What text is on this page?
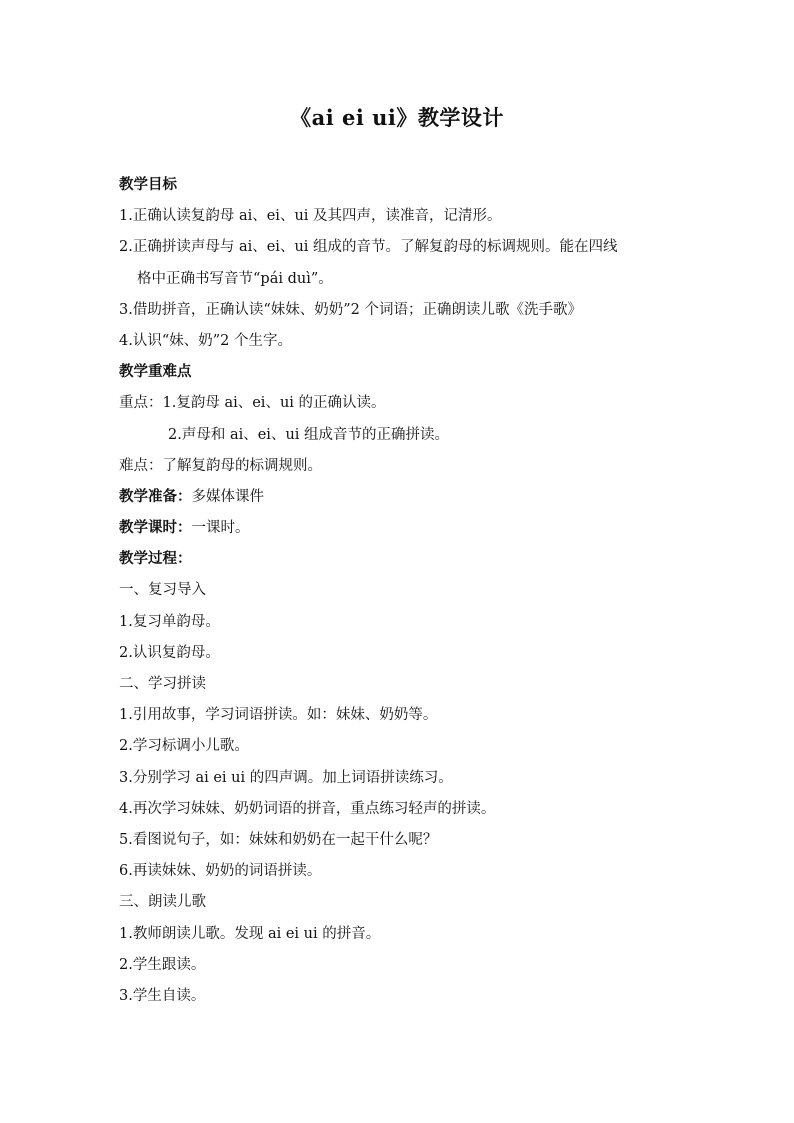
《ai ei ui》教学设计
教学目标
1.正确认读复韵母 ai、ei、ui 及其四声，读准音，记清形。
2.正确拼读声母与 ai、ei、ui 组成的音节。了解复韵母的标调规则。能在四线
格中正确书写音节“pái duì”。
3.借助拼音，正确认读“妹妹、奶奶”2 个词语；正确朗读儿歌《洗手歌》
4.认识“妹、奶”2 个生字。
教学重难点
重点：1.复韵母 ai、ei、ui 的正确认读。
2.声母和 ai、ei、ui 组成音节的正确拼读。
难点：了解复韵母的标调规则。
教学准备：多媒体课件
教学课时：一课时。
教学过程：
一、复习导入
1.复习单韵母。
2.认识复韵母。
二、学习拼读
1.引用故事，学习词语拼读。如：妹妹、奶奶等。
2.学习标调小儿歌。
3.分别学习 ai ei ui 的四声调。加上词语拼读练习。
4.再次学习妹妹、奶奶词语的拼音，重点练习轻声的拼读。
5.看图说句子，如：妹妹和奶奶在一起干什么呢？
6.再读妹妹、奶奶的词语拼读。
三、朗读儿歌
1.教师朗读儿歌。发现 ai ei ui 的拼音。
2.学生跟读。
3.学生自读。
